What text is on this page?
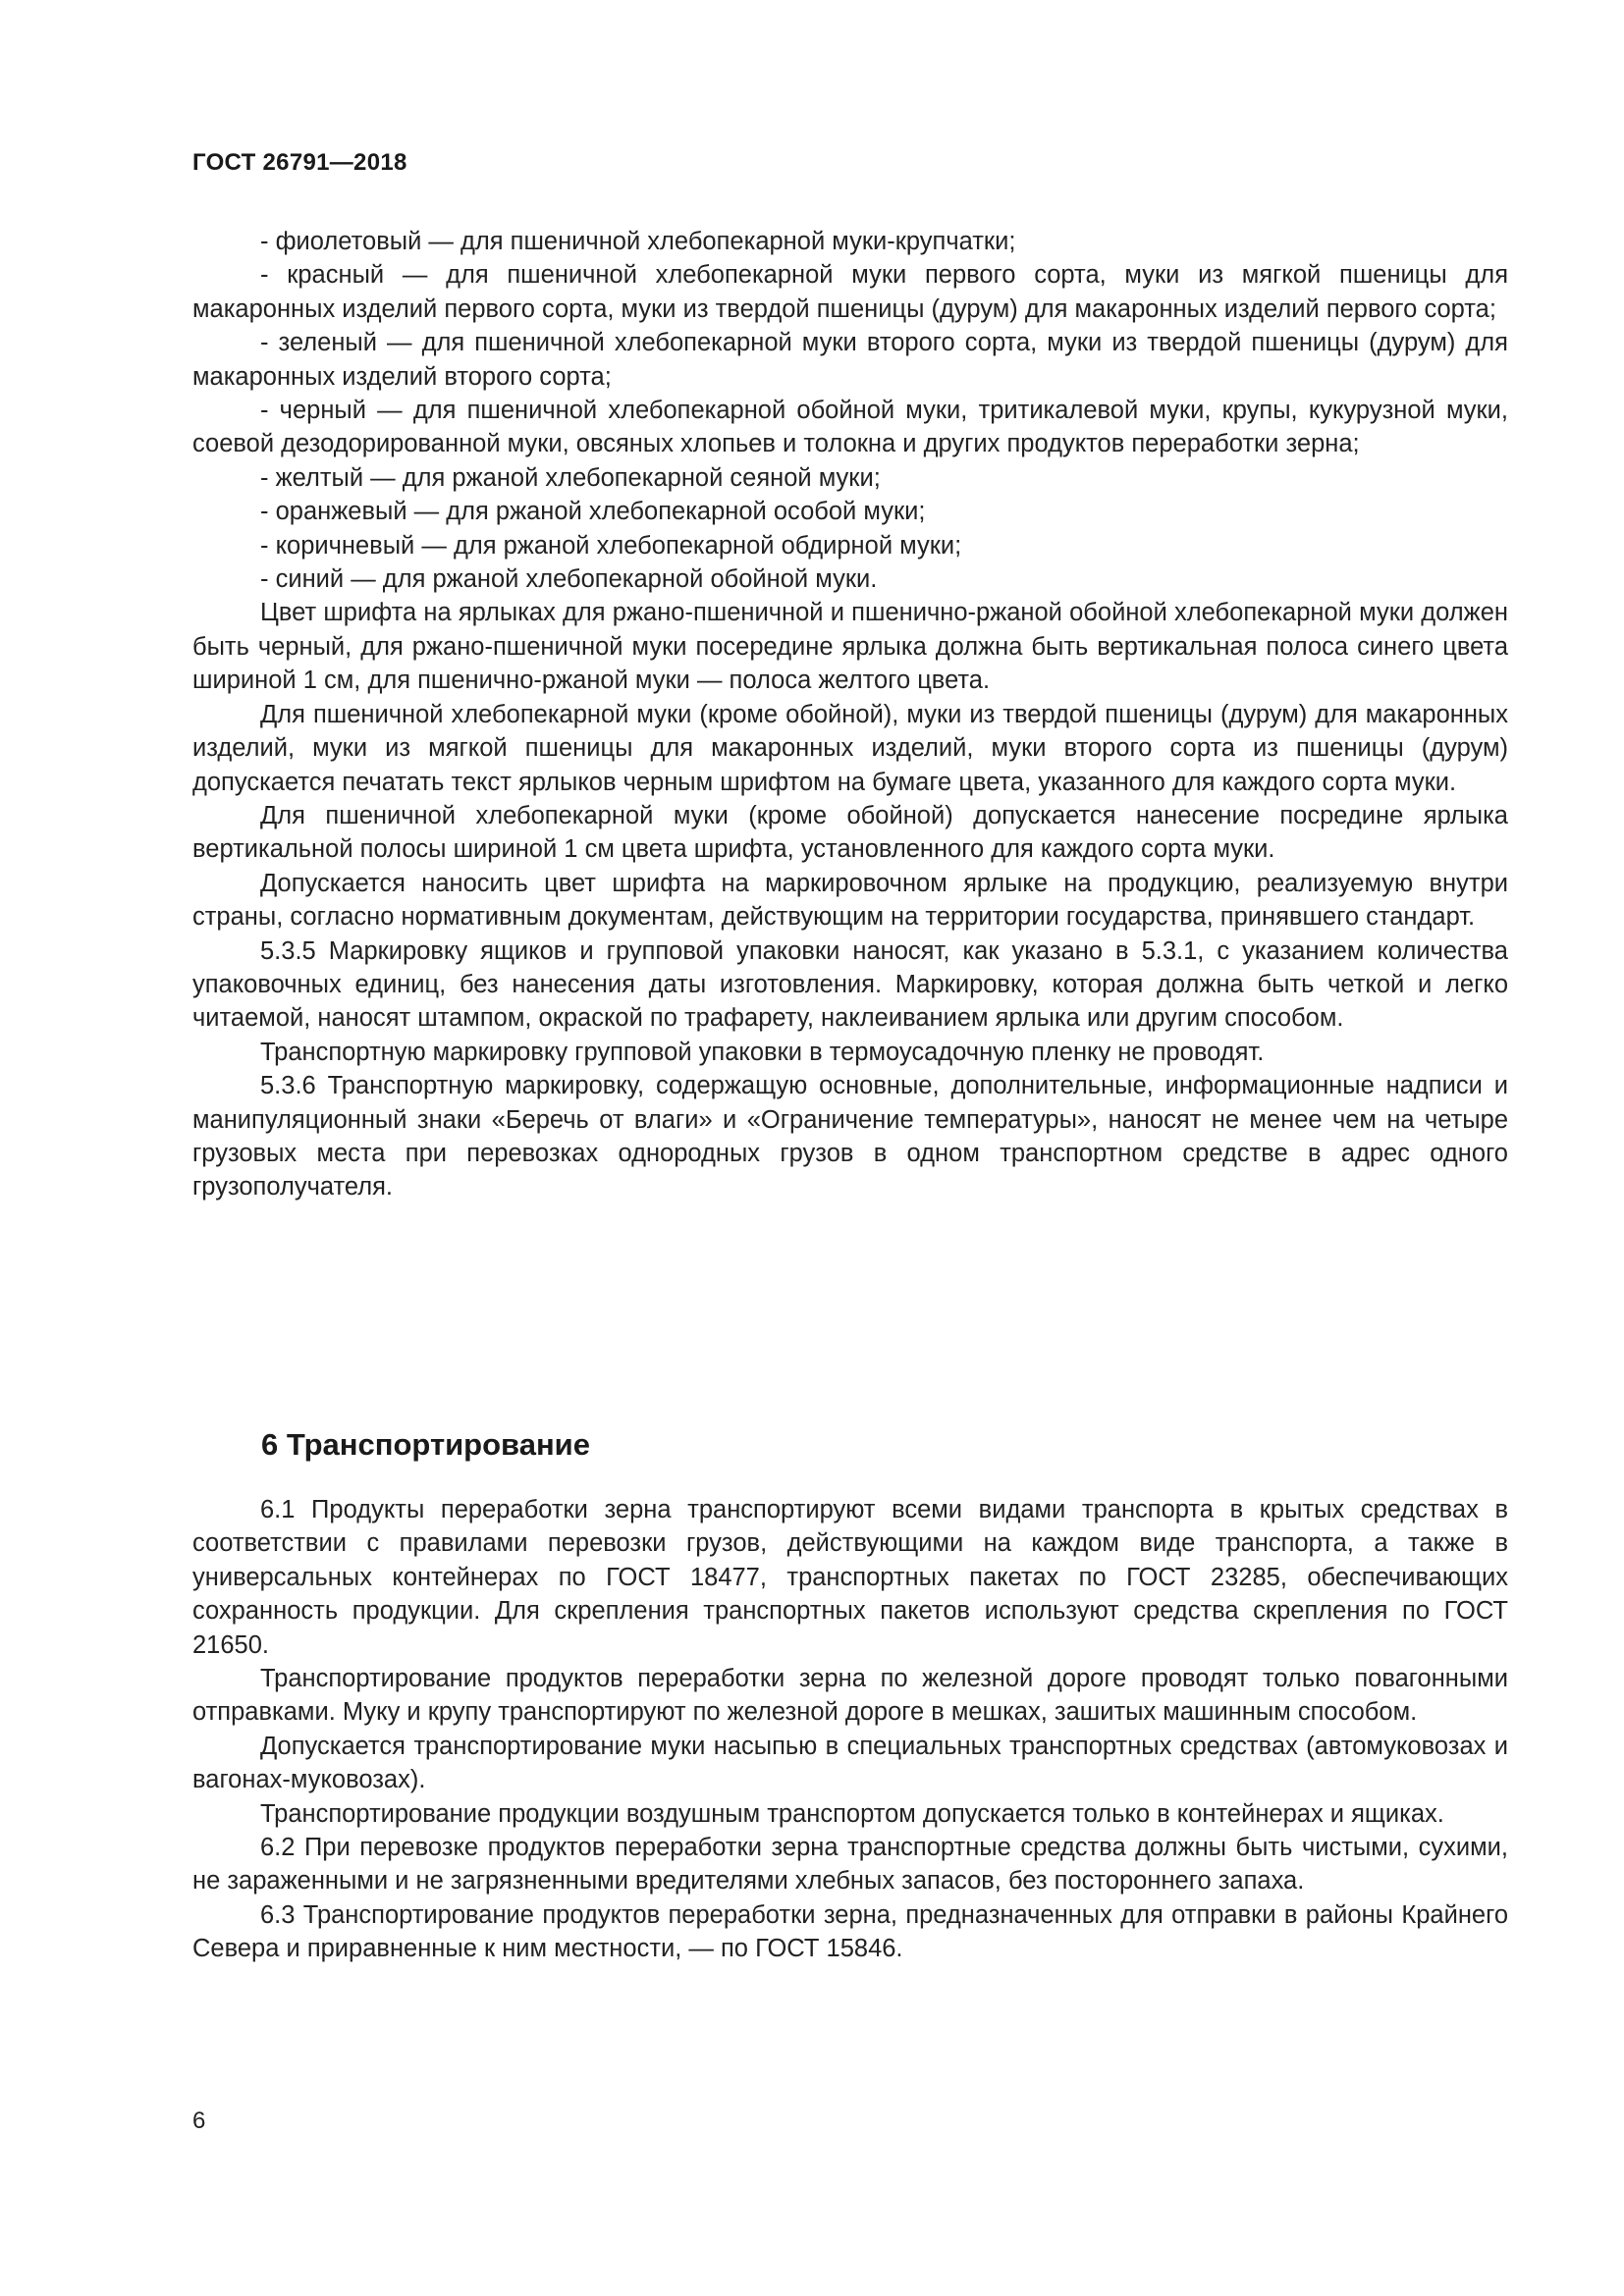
ГОСТ 26791—2018

- фиолетовый — для пшеничной хлебопекарной муки-крупчатки;

- красный — для пшеничной хлебопекарной муки первого сорта, муки из мягкой пшеницы для макаронных изделий первого сорта, муки из твердой пшеницы (дурум) для макаронных изделий первого сорта;

- зеленый — для пшеничной хлебопекарной муки второго сорта, муки из твердой пшеницы (дурум) для макаронных изделий второго сорта;

- черный — для пшеничной хлебопекарной обойной муки, тритикалевой муки, крупы, кукурузной муки, соевой дезодорированной муки, овсяных хлопьев и толокна и других продуктов переработки зерна;

- желтый — для ржаной хлебопекарной сеяной муки;

- оранжевый — для ржаной хлебопекарной особой муки;

- коричневый — для ржаной хлебопекарной обдирной муки;

- синий — для ржаной хлебопекарной обойной муки.

Цвет шрифта на ярлыках для ржано-пшеничной и пшенично-ржаной обойной хлебопекарной муки должен быть черный, для ржано-пшеничной муки посередине ярлыка должна быть вертикальная полоса синего цвета шириной 1 см, для пшенично-ржаной муки — полоса желтого цвета.

Для пшеничной хлебопекарной муки (кроме обойной), муки из твердой пшеницы (дурум) для макаронных изделий, муки из мягкой пшеницы для макаронных изделий, муки второго сорта из пшеницы (дурум) допускается печатать текст ярлыков черным шрифтом на бумаге цвета, указанного для каждого сорта муки.

Для пшеничной хлебопекарной муки (кроме обойной) допускается нанесение посредине ярлыка вертикальной полосы шириной 1 см цвета шрифта, установленного для каждого сорта муки.

Допускается наносить цвет шрифта на маркировочном ярлыке на продукцию, реализуемую внутри страны, согласно нормативным документам, действующим на территории государства, принявшего стандарт.

5.3.5 Маркировку ящиков и групповой упаковки наносят, как указано в 5.3.1, с указанием количества упаковочных единиц, без нанесения даты изготовления. Маркировку, которая должна быть четкой и легко читаемой, наносят штампом, окраской по трафарету, наклеиванием ярлыка или другим способом.

Транспортную маркировку групповой упаковки в термоусадочную пленку не проводят.

5.3.6 Транспортную маркировку, содержащую основные, дополнительные, информационные надписи и манипуляционный знаки «Беречь от влаги» и «Ограничение температуры», наносят не менее чем на четыре грузовых места при перевозках однородных грузов в одном транспортном средстве в адрес одного грузополучателя.

6 Транспортирование

6.1 Продукты переработки зерна транспортируют всеми видами транспорта в крытых средствах в соответствии с правилами перевозки грузов, действующими на каждом виде транспорта, а также в универсальных контейнерах по ГОСТ 18477, транспортных пакетах по ГОСТ 23285, обеспечивающих сохранность продукции. Для скрепления транспортных пакетов используют средства скрепления по ГОСТ 21650.

Транспортирование продуктов переработки зерна по железной дороге проводят только повагонными отправками. Муку и крупу транспортируют по железной дороге в мешках, зашитых машинным способом.

Допускается транспортирование муки насыпью в специальных транспортных средствах (автомуковозах и вагонах-муковозах).

Транспортирование продукции воздушным транспортом допускается только в контейнерах и ящиках.

6.2 При перевозке продуктов переработки зерна транспортные средства должны быть чистыми, сухими, не зараженными и не загрязненными вредителями хлебных запасов, без постороннего запаха.

6.3 Транспортирование продуктов переработки зерна, предназначенных для отправки в районы Крайнего Севера и приравненные к ним местности, — по ГОСТ 15846.

6
